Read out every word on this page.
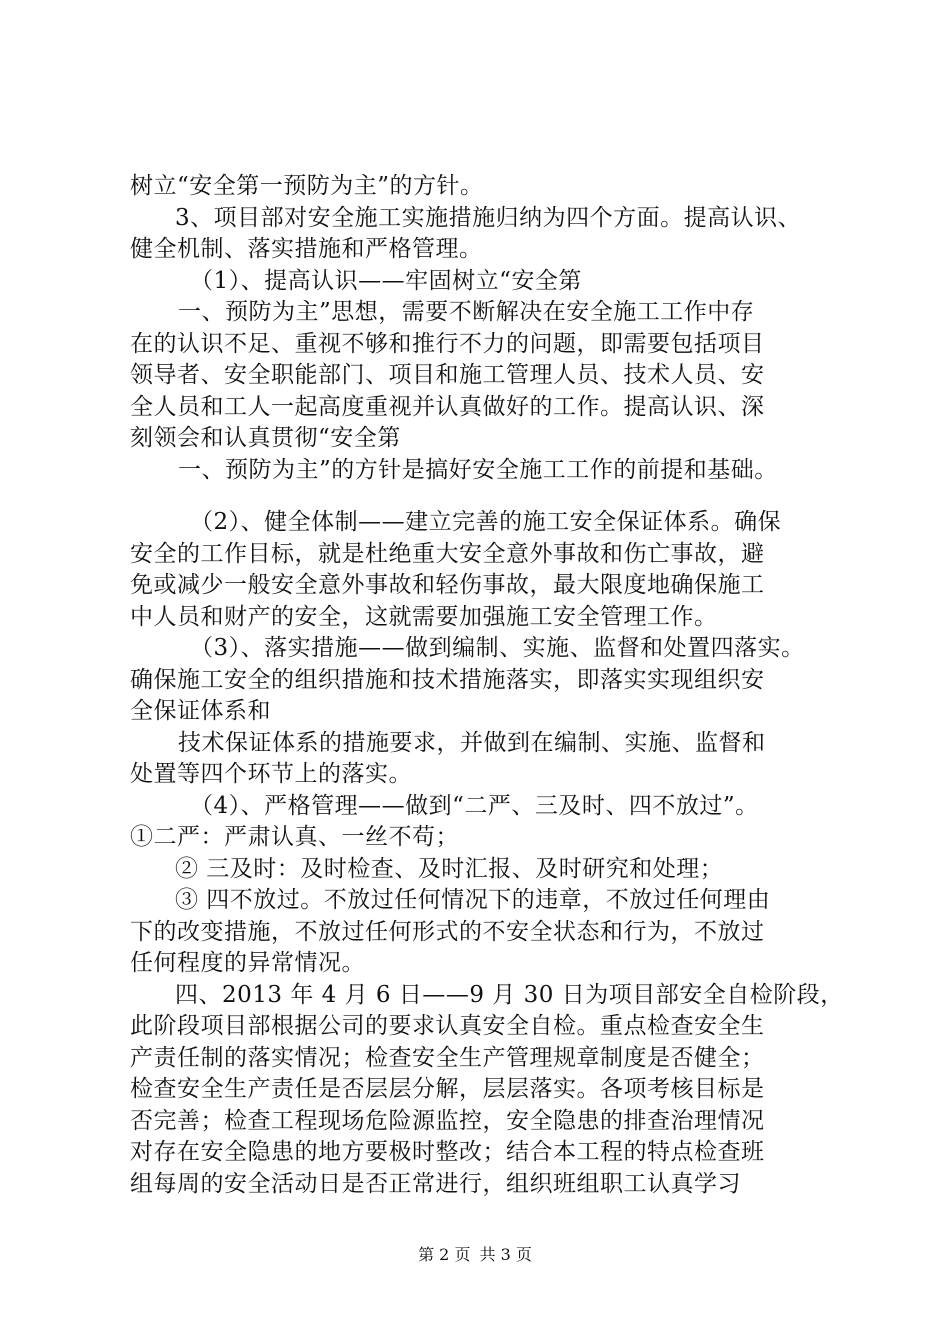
树立“安全第一预防为主”的方针。
3、项目部对安全施工实施措施归纳为四个方面。提高认识、
健全机制、落实措施和严格管理。
（1）、提高认识——牢固树立“安全第
一、预防为主”思想，需要不断解决在安全施工工作中存
在的认识不足、重视不够和推行不力的问题，即需要包括项目
领导者、安全职能部门、项目和施工管理人员、技术人员、安
全人员和工人一起高度重视并认真做好的工作。提高认识、深
刻领会和认真贯彻“安全第
一、预防为主”的方针是搞好安全施工工作的前提和基础。
（2）、健全体制——建立完善的施工安全保证体系。确保
安全的工作目标，就是杜绝重大安全意外事故和伤亡事故，避
免或减少一般安全意外事故和轻伤事故，最大限度地确保施工
中人员和财产的安全，这就需要加强施工安全管理工作。
（3）、落实措施——做到编制、实施、监督和处置四落实。
确保施工安全的组织措施和技术措施落实，即落实实现组织安
全保证体系和
技术保证体系的措施要求，并做到在编制、实施、监督和
处置等四个环节上的落实。
（4）、严格管理——做到“二严、三及时、四不放过”。
①二严：严肃认真、一丝不苟；
② 三及时：及时检查、及时汇报、及时研究和处理；
③ 四不放过。不放过任何情况下的违章，不放过任何理由
下的改变措施，不放过任何形式的不安全状态和行为，不放过
任何程度的异常情况。
四、2013 年 4 月 6 日——9 月 30 日为项目部安全自检阶段，
此阶段项目部根据公司的要求认真安全自检。重点检查安全生
产责任制的落实情况；检查安全生产管理规章制度是否健全；
检查安全生产责任是否层层分解，层层落实。各项考核目标是
否完善；检查工程现场危险源监控，安全隐患的排查治理情况
对存在安全隐患的地方要极时整改；结合本工程的特点检查班
组每周的安全活动日是否正常进行，组织班组职工认真学习
第 2 页 共 3 页
